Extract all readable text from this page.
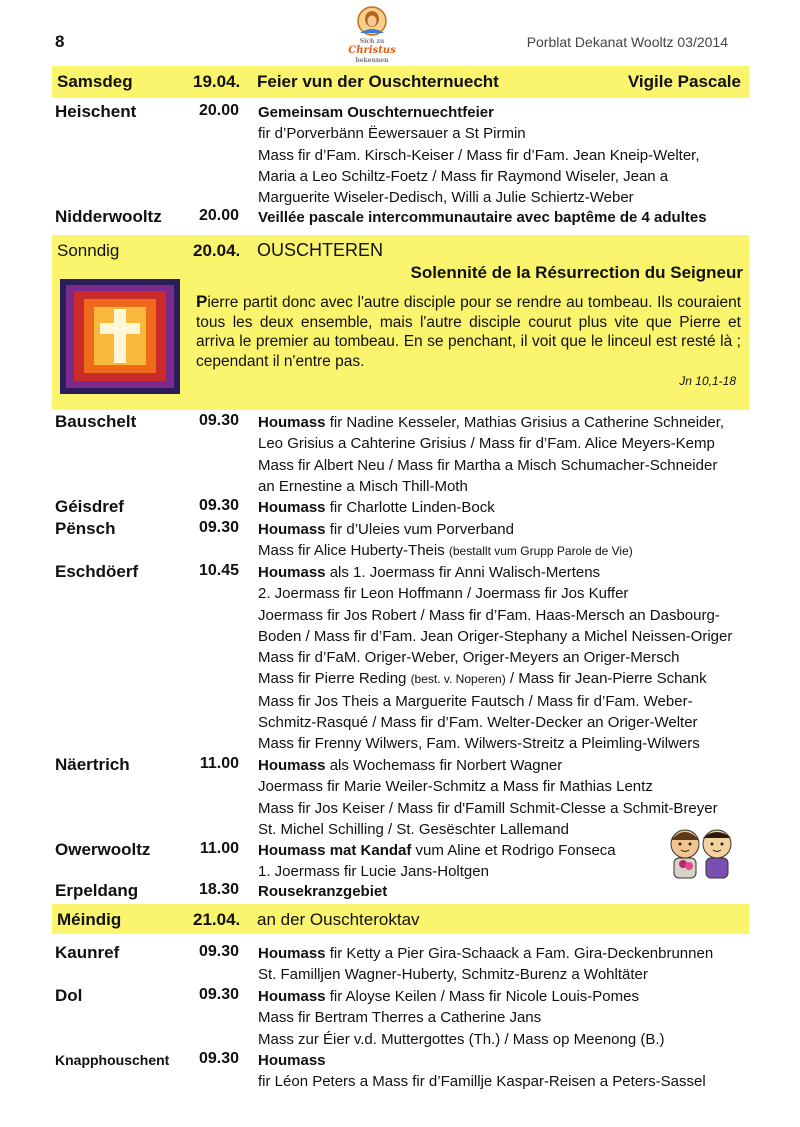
8	Sich zu
Christus
bekennen
Porblat Dekanat Wooltz 03/2014
Samsdeg	19.04. Feier vun der Ouschternuecht	Vigile Pascale
Heischent	20.00 Gemeinsam Ouschternuechtfeier
fir d’Porverbänn Ëewersauer a St Pirmin
Mass fir d’Fam. Kirsch-Keiser / Mass fir d’Fam. Jean Kneip-Welter,
Maria a Leo Schiltz-Foetz / Mass fir Raymond Wiseler, Jean a
Marguerite Wiseler-Dedisch, Willi a Julie Schiertz-Weber
Nidderwooltz 20.00 Veillée pascale intercommunautaire avec baptême de 4 adultes
Sonndig	20.04. OUSCHTEREN
Solennité de la Résurrection du Seigneur
Pierre partit donc avec l'autre disciple pour se rendre au tombeau. Ils couraient tous les deux ensemble, mais l'autre disciple courut plus vite que Pierre et arriva le premier au tombeau. En se penchant, il voit que le linceul est resté là ; cependant il n'entre pas.
Jn 10,1-18
Bauschelt	09.30 Houmass fir Nadine Kesseler, Mathias Grisius a Catherine Schneider,
Leo Grisius a Cahterine Grisius / Mass fir d’Fam. Alice Meyers-Kemp
Mass fir Albert Neu / Mass fir Martha a Misch Schumacher-Schneider
an Ernestine a Misch Thill-Moth
Géisdref	09.30 Houmass fir Charlotte Linden-Bock
Pënsch	09.30 Houmass fir d’Uleies vum Porverband
Mass fir Alice Huberty-Theis (bestallt vum Grupp Parole de Vie)
Eschdöerf	10.45 Houmass als 1. Joermass fir Anni Walisch-Mertens
2. Joermass fir Leon Hoffmann / Joermass fir Jos Kuffer
Joermass fir Jos Robert / Mass fir d’Fam. Haas-Mersch an Dasbourg-
Boden / Mass fir d’Fam. Jean Origer-Stephany a Michel Neissen-Origer
Mass fir d’FaM. Origer-Weber, Origer-Meyers an Origer-Mersch
Mass fir Pierre Reding (best. v. Noperen) / Mass fir Jean-Pierre Schank
Mass fir Jos Theis a Marguerite Fautsch / Mass fir d’Fam. Weber-
Schmitz-Rasqué / Mass fir d’Fam. Welter-Decker an Origer-Welter
Mass fir Frenny Wilwers, Fam. Wilwers-Streitz a Pleimling-Wilwers
Näertrich	11.00 Houmass als Wochemass fir Norbert Wagner
Joermass fir Marie Weiler-Schmitz a Mass fir Mathias Lentz
Mass fir Jos Keiser / Mass fir d'Famill Schmit-Clesse a Schmit-Breyer
St. Michel Schilling / St. Gesëschter Lallemand
Owerwooltz	11.00 Houmass mat Kandaf vum Aline et Rodrigo Fonseca
1. Joermass fir Lucie Jans-Holtgen
Erpeldang	18.30 Rousekranzgebiet
Méindig	21.04. an der Ouschteroktav
Kaunref	09.30 Houmass fir Ketty a Pier Gira-Schaack a Fam. Gira-Deckenbrunnen
St. Familljen Wagner-Huberty, Schmitz-Burenz a Wohltäter
Dol	09.30 Houmass fir Aloyse Keilen / Mass fir Nicole Louis-Pomes
Mass fir Bertram Therres a Catherine Jans
Mass zur Éier v.d. Muttergottes (Th.) / Mass op Meenong (B.)
Knapphouschent 09.30 Houmass
fir Léon Peters a Mass fir d’Famillje Kaspar-Reisen a Peters-Sassel
